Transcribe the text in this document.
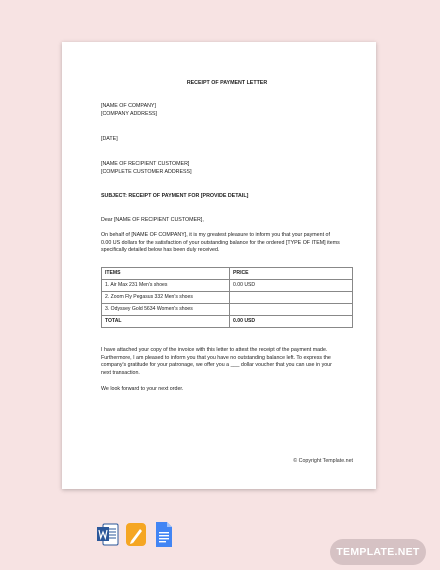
RECEIPT OF PAYMENT LETTER
[NAME OF COMPANY]
[COMPANY ADDRESS]
[DATE]
[NAME OF RECIPIENT CUSTOMER]
[COMPLETE CUSTOMER ADDRESS]
SUBJECT: RECEIPT OF PAYMENT FOR [PROVIDE DETAIL]
Dear [NAME OF RECIPIENT CUSTOMER],
On behalf of [NAME OF COMPANY], it is my greatest pleasure to inform you that your payment of
0.00 US dollars for the satisfaction of your outstanding balance for the ordered [TYPE OF ITEM] items
specifically detailed below has been duly received.
ITEMS	PRICE
1. Air Max 231 Men's shoes	0.00 USD
2. Zoom Fly Pegasus 332 Men's shoes	
3. Odyssey Gold 5634 Women's shoes	
TOTAL	0.00 USD
I have attached your copy of the invoice with this letter to attest the receipt of the payment made.
Furthermore, I am pleased to inform you that you have no outstanding balance left. To express the
company's gratitude for your patronage, we offer you a ___ dollar voucher that you can use in your
next transaction.
We look forward to your next order.
© Copyright Template.net
TEMPLATE.NET
